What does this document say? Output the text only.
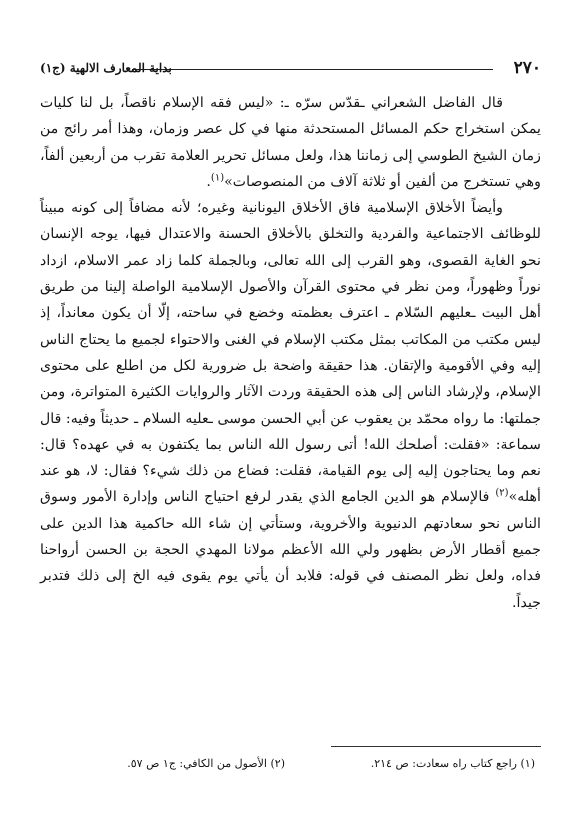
٢٧٠
بداية المعارف الالهية (ج١)

قال الفاضل الشعراني ـقدّس سرّه ـ: «ليس فقه الإسلام ناقصاً، بل لنا كليات يمكن استخراج حكم المسائل المستحدثة منها في كل عصر وزمان، وهذا أمر رائج من زمان الشيخ الطوسي إلى زماننا هذا، ولعل مسائل تحرير العلامة تقرب من أربعين ألفاً، وهي تستخرج من ألفين أو ثلاثة آلاف من المنصوصات»$^{(١)}$.

وأيضاً الأخلاق الإسلامية فاق الأخلاق اليونانية وغيره؛ لأنه مضافاً إلى كونه مبيناً للوظائف الاجتماعية والفردية والتخلق بالأخلاق الحسنة والاعتدال فيها، يوجه الإنسان نحو الغاية القصوى، وهو القرب إلى الله تعالى، وبالجملة كلما زاد عمر الاسلام، ازداد نوراً وظهوراً، ومن نظر في محتوى القرآن والأصول الإسلامية الواصلة إلينا من طريق أهل البيت ـعليهم السّلام ـ اعترف بعظمته وخضع في ساحته، إلّا أن يكون معانداً، إذ ليس مكتب من المكاتب بمثل مكتب الإسلام في الغنى والاحتواء لجميع ما يحتاج الناس إليه وفي الأقومية والإتقان. هذا حقيقة واضحة بل ضرورية لكل من اطلع على محتوى الإسلام، ولإرشاد الناس إلى هذه الحقيقة وردت الآثار والروايات الكثيرة المتواترة، ومن جملتها: ما رواه محمّد بن يعقوب عن أبي الحسن موسى ـعليه السلام ـ حديثاً وفيه: قال سماعة: «فقلت: أصلحك الله! أتى رسول الله الناس بما يكتفون به في عهده؟ قال: نعم وما يحتاجون إليه إلى يوم القيامة، فقلت: فضاع من ذلك شيء؟ فقال: لا، هو عند أهله»$^{(٢)}$ فالإسلام هو الدين الجامع الذي يقدر لرفع احتياج الناس وإدارة الأمور وسوق الناس نحو سعادتهم الدنيوية والأخروية، وستأتي إن شاء الله حاكمية هذا الدين على جميع أقطار الأرض بظهور ولي الله الأعظم مولانا المهدي الحجة بن الحسن أرواحنا فداه، ولعل نظر المصنف في قوله: فلابد أن يأتي يوم يقوى فيه الخ إلى ذلك فتدبر جيداً.

(١) راجع كتاب راه سعادت: ص ٢١٤.
(٢) الأصول من الكافي: ج١ ص ٥٧.
